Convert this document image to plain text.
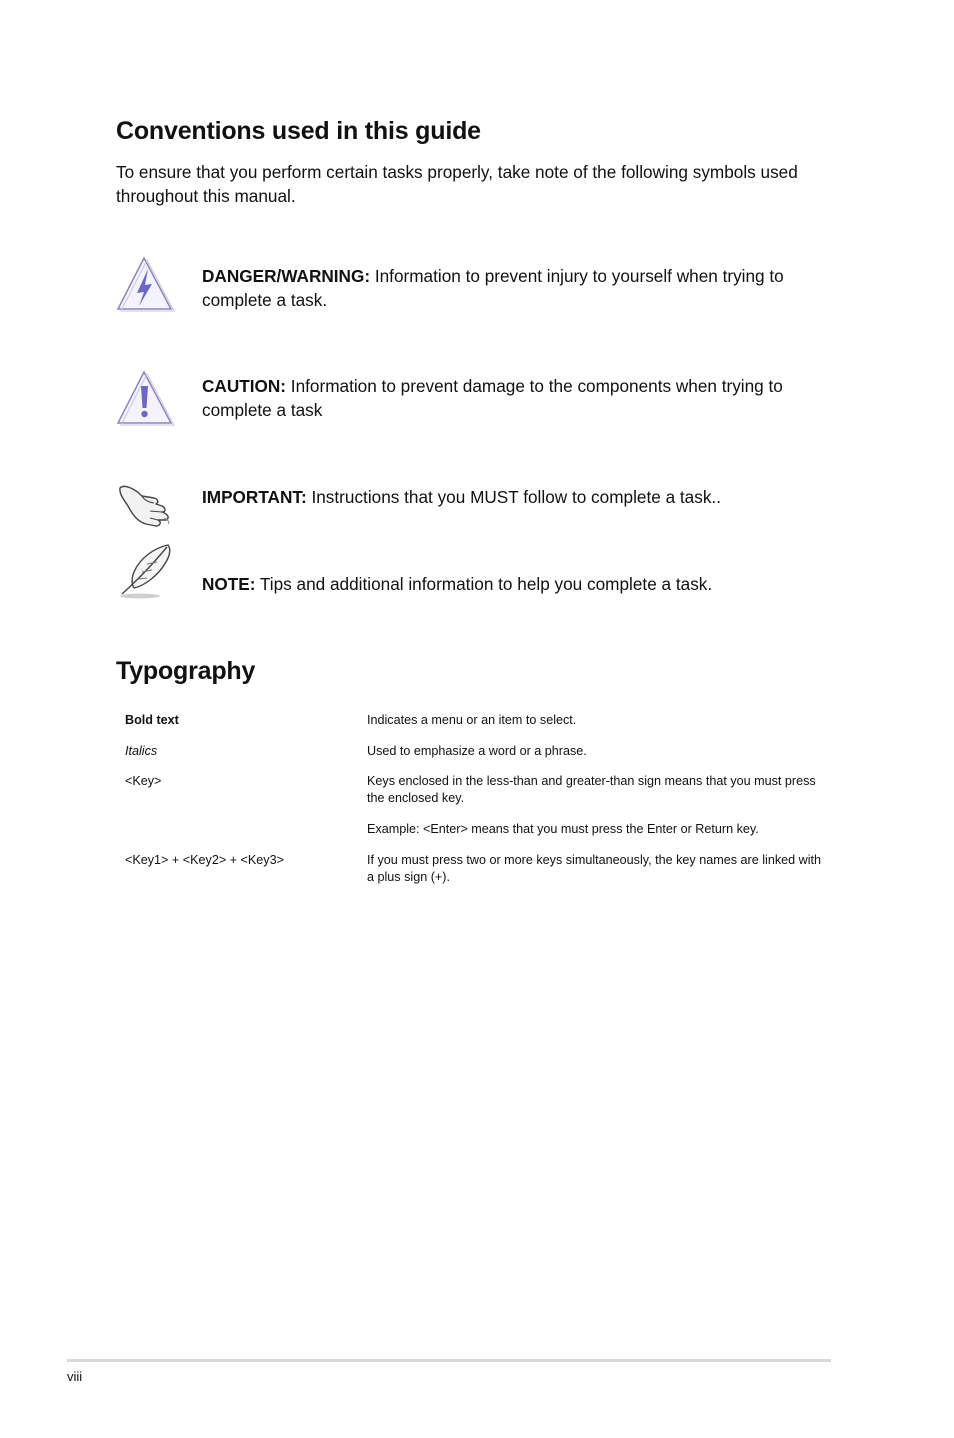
Conventions used in this guide
To ensure that you perform certain tasks properly, take note of the following symbols used throughout this manual.
DANGER/WARNING: Information to prevent injury to yourself when trying to complete a task.
CAUTION: Information to prevent damage to the components when trying to complete a task
IMPORTANT: Instructions that you MUST follow to complete a task..
NOTE: Tips and additional information to help you complete a task.
Typography
Bold text	Indicates a menu or an item to select.
Italics	Used to emphasize a word or a phrase.
<Key>	Keys enclosed in the less-than and greater-than sign means that you must press the enclosed key.
Example: <Enter> means that you must press the Enter or Return key.
<Key1> + <Key2> + <Key3>	If you must press two or more keys simultaneously, the key names are linked with a plus sign (+).
viii
